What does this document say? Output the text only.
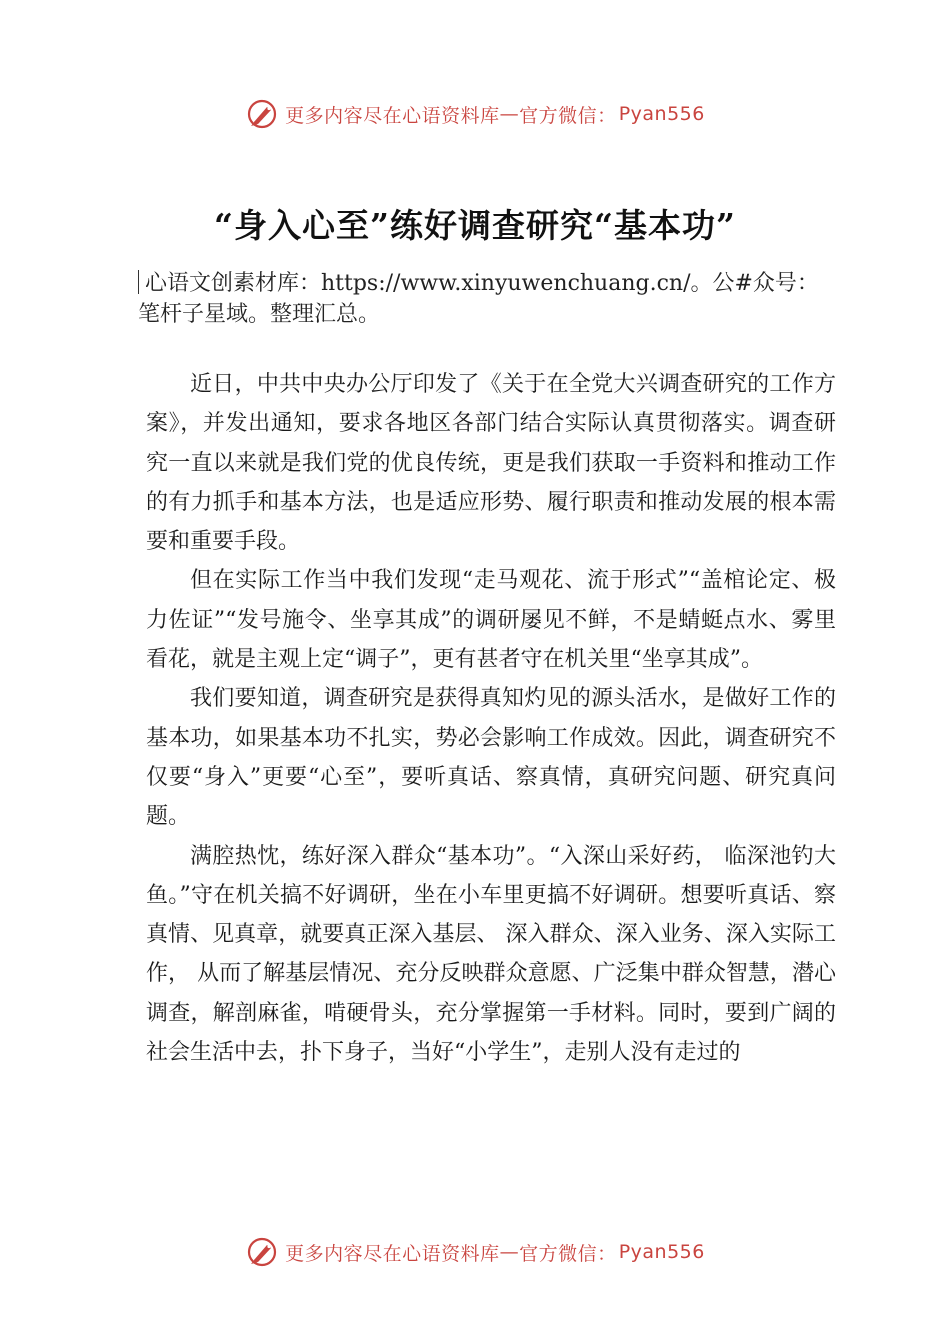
更多内容尽在心语资料库 — 官方微信： Pyan556
“身入心至”练好调查研究“基本功”
心语文创素材库：https://www.xinyuwenchuang.cn/。公#众号：笔杆子星域。整理汇总。

近日，中共中央办公厅印发了《关于在全党大兴调查研究的工作方案》，并发出通知，要求各地区各部门结合实际认真贯彻落实。调查研究一直以来就是我们党的优良传统，更是我们获取一手资料和推动工作的有力抓手和基本方法，也是适应形势、履行职责和推动发展的根本需要和重要手段。

但在实际工作当中我们发现“走马观花、流于形式”“盖棺论定、极力佐证”“发号施令、坐享其成”的调研屡见不鲜，不是蜻蜓点水、雾里看花，就是主观上定“调子”，更有甚者守在机关里“坐享其成”。

我们要知道，调查研究是获得真知灼见的源头活水，是做好工作的基本功，如果基本功不扎实，势必会影响工作成效。因此，调查研究不仅要“身入”更要“心至”，要听真话、察真情，真研究问题、研究真问题。

满腔热忱，练好深入群众“基本功”。“入深山采好药， 临深池钓大鱼。”守在机关搞不好调研，坐在小车里更搞不好调研。想要听真话、察真情、见真章，就要真正深入基层、 深入群众、深入业务、深入实际工作， 从而了解基层情况、充分反映群众意愿、广泛集中群众智慧，潜心调查，解剖麻雀，啃硬骨头，充分掌握第一手材料。同时，要到广阔的社会生活中去，扑下身子，当好“小学生”，走别人没有走过的

更多内容尽在心语资料库 — 官方微信： Pyan556
